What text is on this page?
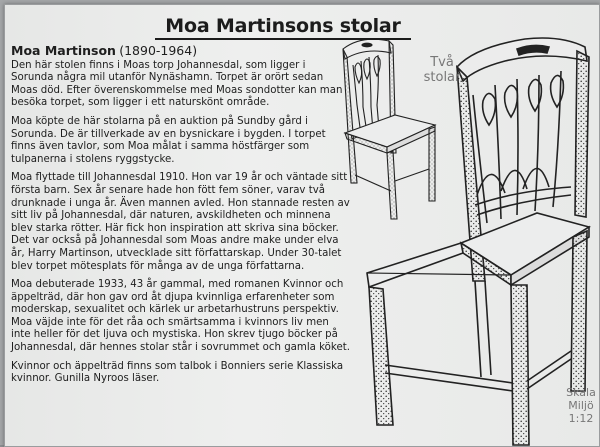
Moa Martinsons stolar

Moa Martinson (1890-1964)
Den här stolen finns i Moas torp Johannesdal, som ligger i Sorunda några mil utanför Nynäshamn. Torpet är orört sedan Moas död. Efter överenskommelse med Moas sondotter kan man besöka torpet, som ligger i ett naturskönt område.

Moa köpte de här stolarna på en auktion på Sundby gård i Sorunda. De är tillverkade av en bysnickare i bygden. I torpet finns även tavlor, som Moa målat i samma höstfärger som tulpanerna i stolens ryggstycke.

Moa flyttade till Johannesdal 1910. Hon var 19 år och väntade sitt första barn. Sex år senare hade hon fött fem söner, varav två drunknade i unga år. Även mannen avled. Hon stannade resten av sitt liv på Johannesdal, där naturen, avskildheten och minnena blev starka rötter. Här fick hon inspiration att skriva sina böcker. Det var också på Johannesdal som Moas andre make under elva år, Harry Martinson, utvecklade sitt författarskap. Under 30-talet blev torpet mötesplats för många av de unga författarna.

Moa debuterade 1933, 43 år gammal, med romanen Kvinnor och äppelträd, där hon gav ord åt djupa kvinnliga erfarenheter som moderskap, sexualitet och kärlek ur arbetarhustruns perspektiv. Moa väjde inte för det råa och smärtsamma i kvinnors liv men inte heller för det ljuva och mystiska. Hon skrev tjugo böcker på Johannesdal, där hennes stolar står i sovrummet och gamla köket.

Kvinnor och äppelträd finns som talbok i Bonniers serie Klassiska kvinnor. Gunilla Nyroos läser.

Två stolar
Skala Miljö 1:12
